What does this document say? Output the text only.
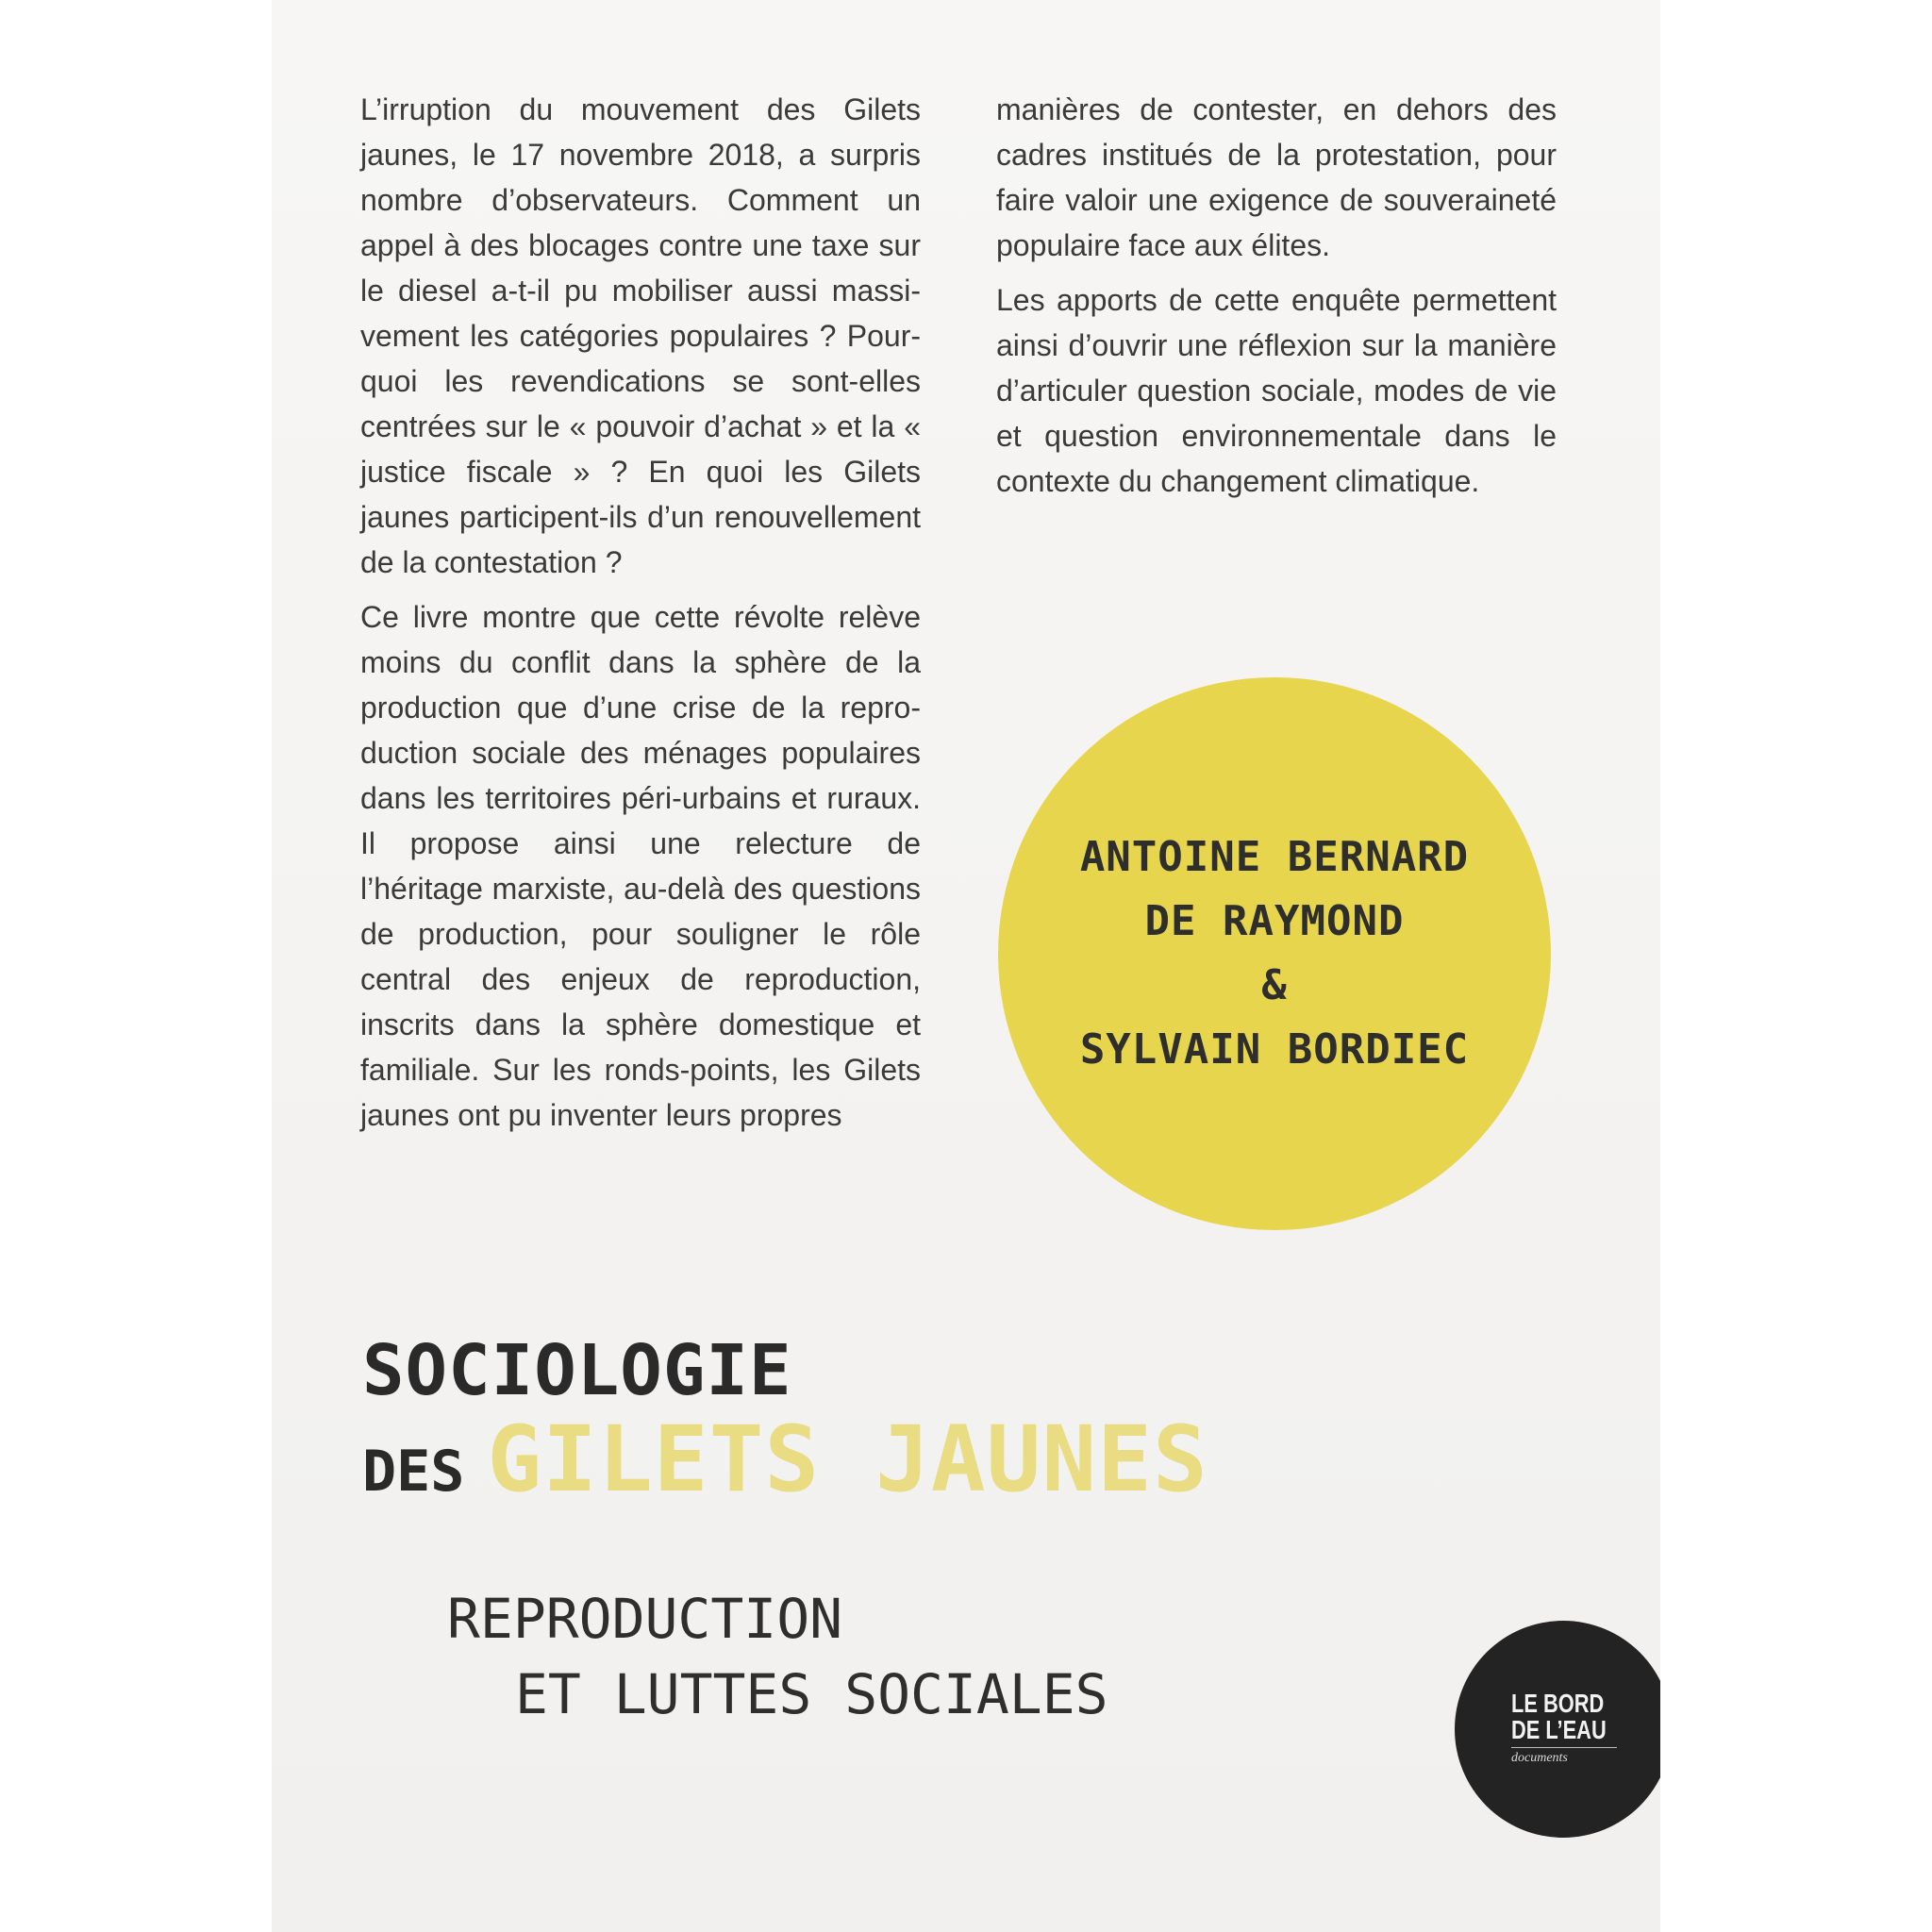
L’irruption du mouvement des Gilets jaunes, le 17 novembre 2018, a surpris nombre d’observateurs. Comment un appel à des blocages contre une taxe sur le diesel a-t-il pu mobiliser aussi massivement les catégories populaires ? Pourquoi les revendications se sont-elles centrées sur le « pouvoir d’achat » et la « justice fiscale » ? En quoi les Gilets jaunes participent-ils d’un renouvellement de la contestation ?

Ce livre montre que cette révolte relève moins du conflit dans la sphère de la production que d’une crise de la reproduction sociale des ménages populaires dans les territoires péri-urbains et ruraux. Il propose ainsi une relecture de l’héritage marxiste, au-delà des questions de production, pour souligner le rôle central des enjeux de reproduction, inscrits dans la sphère domestique et familiale. Sur les ronds-points, les Gilets jaunes ont pu inventer leurs propres

manières de contester, en dehors des cadres institués de la protestation, pour faire valoir une exigence de souveraineté populaire face aux élites.

Les apports de cette enquête permettent ainsi d’ouvrir une réflexion sur la manière d’articuler question sociale, modes de vie et question environnementale dans le contexte du changement climatique.

ANTOINE BERNARD
DE RAYMOND
&
SYLVAIN BORDIEC
SOCIOLOGIE
DES GILETS JAUNES
REPRODUCTION
ET LUTTES SOCIALES	LE BORD
DE L’EAU
documents
